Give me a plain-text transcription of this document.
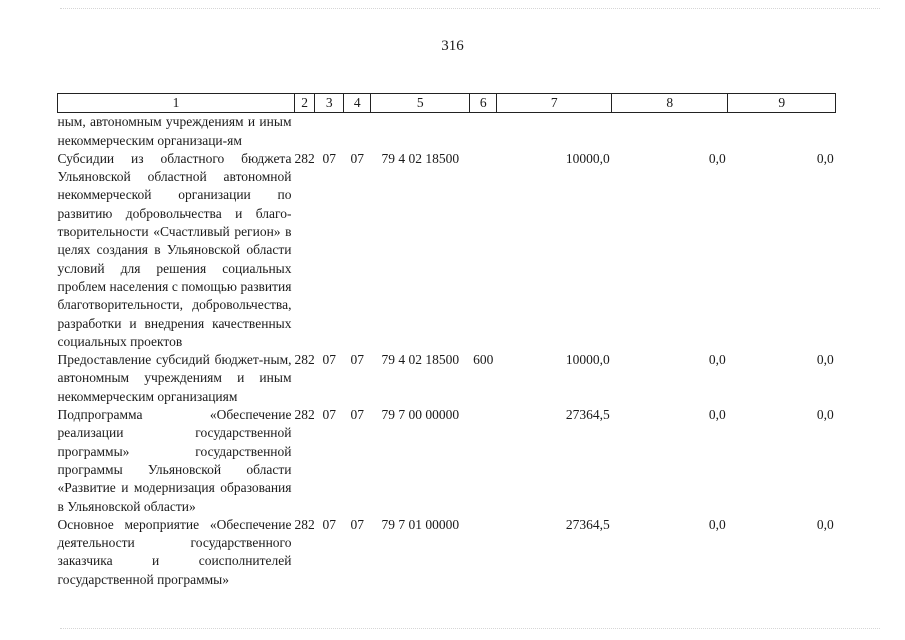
316
1	2	3	4	5	6	7	8	9
ным, автономным учреждениям и иным некоммерческим организаци-ям								
Субсидии из областного бюджета Ульяновской областной автономной некоммерческой организации по развитию добровольчества и благо-творительности «Счастливый регион» в целях создания в Ульяновской области условий для решения социальных проблем населения с помощью развития благотворительности, добровольчества, разработки и внедрения качественных социальных проектов	282	07	07	79 4 02 18500		10000,0	0,0	0,0
Предоставление субсидий бюджет-ным, автономным учреждениям и иным некоммерческим организациям	282	07	07	79 4 02 18500	600	10000,0	0,0	0,0
Подпрограмма «Обеспечение реализации государственной программы» государственной программы Ульяновской области «Развитие и модернизация образования в Ульяновской области»	282	07	07	79 7 00 00000		27364,5	0,0	0,0
Основное мероприятие «Обеспечение деятельности государственного заказчика и соисполнителей государственной программы»	282	07	07	79 7 01 00000		27364,5	0,0	0,0
